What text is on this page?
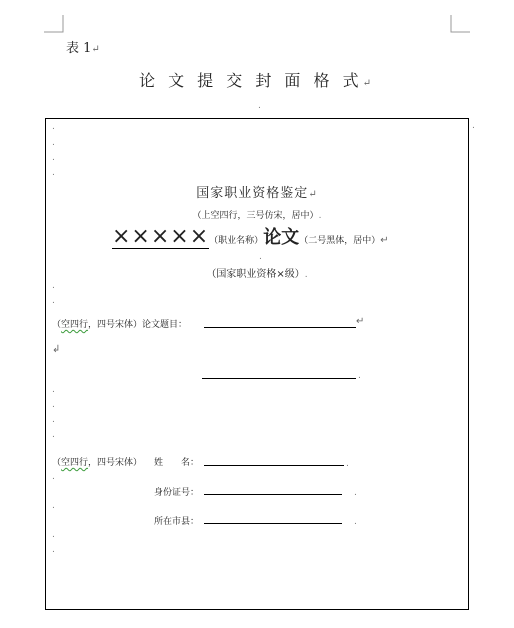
表 1↵
论 文 提 交 封 面 格 式↵
.
.
.
.
.
.
国家职业资格鉴定↵
（上空四行，三号仿宋，居中）.
×××××（职业名称）论文（二号黑体，居中）↵
.
（国家职业资格×级）.
.
.
（空四行，四号宋体）论文题目：	↵
↲
.
.
.
.
.
（空四行，四号宋体） 姓　　名：	.
.
身份证号：	.
.
所在市县：	.
.
.
